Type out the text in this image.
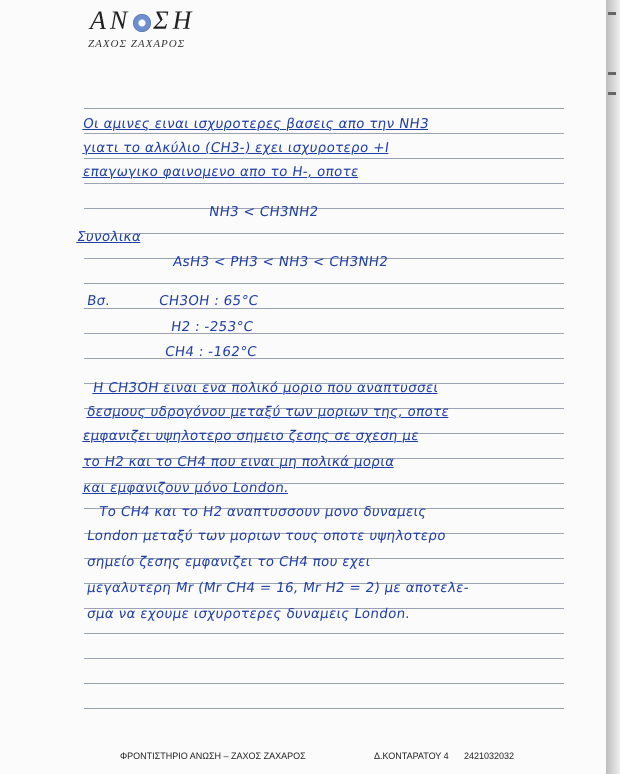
ΑΝ ΣΗ
ΖΑΧΟΣ ΖΑΧΑΡΟΣ
Οι αμινες ειναι ισχυροτερες βασεις απο την ΝΗ3
γιατι το αλκύλιο (CH3-) εχει ισχυροτερο +I
επαγωγικο φαινομενο απο το Η-, οποτε
ΝΗ3 < CH3NH2
Συνολικα
AsH3 < PH3 < NH3 < CH3NH2
Βσ.	CH3OH : 65°C
H2 : -253°C
CH4 : -162°C
Η CH3OH ειναι ενα πολικό μοριο που αναπτυσσει
δεσμους υδρογόνου μεταξύ των μοριων της, οποτε
εμφανιζει υψηλοτερο σημειο ζεσης σε σχεση με
το Η2 και το CH4 που ειναι μη πολικά μορια
και εμφανιζουν μόνο London.
Το CH4 και το Η2 αναπτυσσουν μονο δυναμεις
London μεταξύ των μοριων τους οποτε υψηλοτερο
σημείο ζεσης εμφανιζει το CH4 που εχει
μεγαλυτερη Mr (Mr CH4 = 16, Mr H2 = 2) με αποτελε-
σμα να εχουμε ισχυροτερες δυναμεις London.
ΦΡΟΝΤΙΣΤΗΡΙΟ ΑΝΩΣΗ – ΖΑΧΟΣ ΖΑΧΑΡΟΣ	Δ.ΚΟΝΤΑΡΑΤΟΥ 4 2421032032
